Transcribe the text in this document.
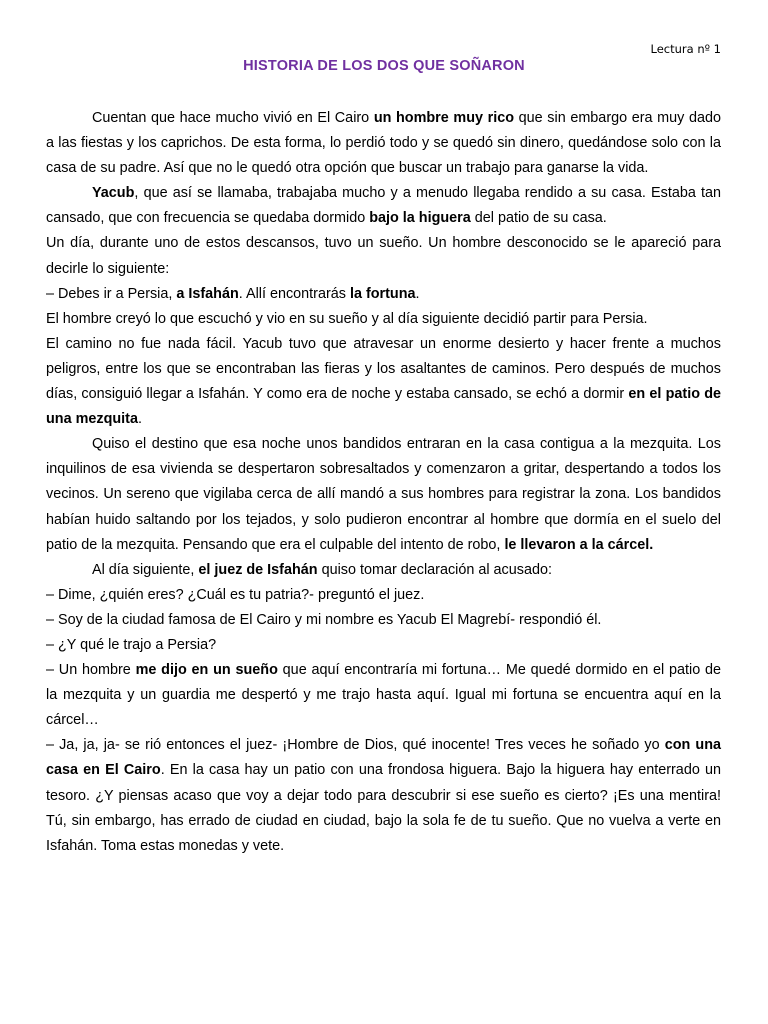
Lectura nº 1
HISTORIA DE LOS DOS QUE SOÑARON

Cuentan que hace mucho vivió en El Cairo un hombre muy rico que sin embargo era muy dado a las fiestas y los caprichos. De esta forma, lo perdió todo y se quedó sin dinero, quedándose solo con la casa de su padre. Así que no le quedó otra opción que buscar un trabajo para ganarse la vida.

Yacub, que así se llamaba, trabajaba mucho y a menudo llegaba rendido a su casa. Estaba tan cansado, que con frecuencia se quedaba dormido bajo la higuera del patio de su casa.

Un día, durante uno de estos descansos, tuvo un sueño. Un hombre desconocido se le apareció para decirle lo siguiente:

– Debes ir a Persia, a Isfahán. Allí encontrarás la fortuna.

El hombre creyó lo que escuchó y vio en su sueño y al día siguiente decidió partir para Persia.

El camino no fue nada fácil. Yacub tuvo que atravesar un enorme desierto y hacer frente a muchos peligros, entre los que se encontraban las fieras y los asaltantes de caminos. Pero después de muchos días, consiguió llegar a Isfahán. Y como era de noche y estaba cansado, se echó a dormir en el patio de una mezquita.

Quiso el destino que esa noche unos bandidos entraran en la casa contigua a la mezquita. Los inquilinos de esa vivienda se despertaron sobresaltados y comenzaron a gritar, despertando a todos los vecinos. Un sereno que vigilaba cerca de allí mandó a sus hombres para registrar la zona. Los bandidos habían huido saltando por los tejados, y solo pudieron encontrar al hombre que dormía en el suelo del patio de la mezquita. Pensando que era el culpable del intento de robo, le llevaron a la cárcel.

Al día siguiente, el juez de Isfahán quiso tomar declaración al acusado:

– Dime, ¿quién eres? ¿Cuál es tu patria?- preguntó el juez.

– Soy de la ciudad famosa de El Cairo y mi nombre es Yacub El Magrebí- respondió él.

– ¿Y qué le trajo a Persia?

– Un hombre me dijo en un sueño que aquí encontraría mi fortuna… Me quedé dormido en el patio de la mezquita y un guardia me despertó y me trajo hasta aquí. Igual mi fortuna se encuentra aquí en la cárcel…

– Ja, ja, ja- se rió entonces el juez- ¡Hombre de Dios, qué inocente! Tres veces he soñado yo con una casa en El Cairo. En la casa hay un patio con una frondosa higuera. Bajo la higuera hay enterrado un tesoro. ¿Y piensas acaso que voy a dejar todo para descubrir si ese sueño es cierto? ¡Es una mentira! Tú, sin embargo, has errado de ciudad en ciudad, bajo la sola fe de tu sueño. Que no vuelva a verte en Isfahán. Toma estas monedas y vete.
